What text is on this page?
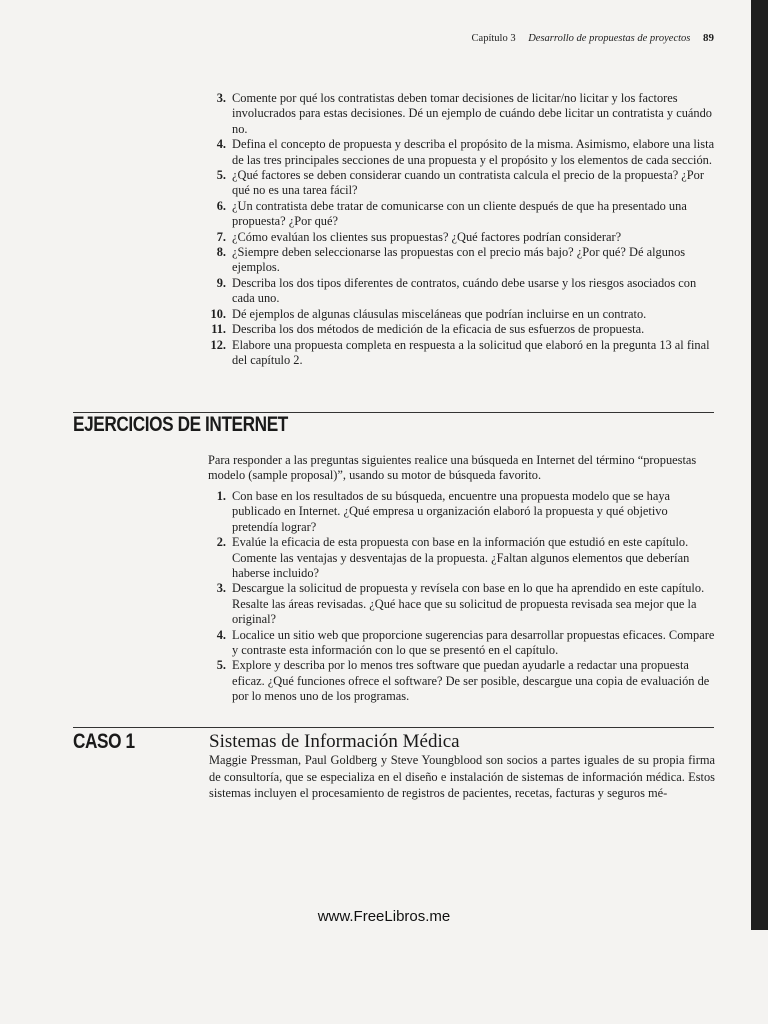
Capítulo 3 Desarrollo de propuestas de proyectos 89
3. Comente por qué los contratistas deben tomar decisiones de licitar/no licitar y los factores involucrados para estas decisiones. Dé un ejemplo de cuándo debe licitar un contratista y cuándo no.
4. Defina el concepto de propuesta y describa el propósito de la misma. Asimismo, elabore una lista de las tres principales secciones de una propuesta y el propósito y los elementos de cada sección.
5. ¿Qué factores se deben considerar cuando un contratista calcula el precio de la propuesta? ¿Por qué no es una tarea fácil?
6. ¿Un contratista debe tratar de comunicarse con un cliente después de que ha presentado una propuesta? ¿Por qué?
7. ¿Cómo evalúan los clientes sus propuestas? ¿Qué factores podrían considerar?
8. ¿Siempre deben seleccionarse las propuestas con el precio más bajo? ¿Por qué? Dé algunos ejemplos.
9. Describa los dos tipos diferentes de contratos, cuándo debe usarse y los riesgos asociados con cada uno.
10. Dé ejemplos de algunas cláusulas misceláneas que podrían incluirse en un contrato.
11. Describa los dos métodos de medición de la eficacia de sus esfuerzos de propuesta.
12. Elabore una propuesta completa en respuesta a la solicitud que elaboró en la pregunta 13 al final del capítulo 2.
EJERCICIOS DE INTERNET

Para responder a las preguntas siguientes realice una búsqueda en Internet del término “propuestas modelo (sample proposal)”, usando su motor de búsqueda favorito.

1. Con base en los resultados de su búsqueda, encuentre una propuesta modelo que se haya publicado en Internet. ¿Qué empresa u organización elaboró la propuesta y qué objetivo pretendía lograr?
2. Evalúe la eficacia de esta propuesta con base en la información que estudió en este capítulo. Comente las ventajas y desventajas de la propuesta. ¿Faltan algunos elementos que deberían haberse incluido?
3. Descargue la solicitud de propuesta y revísela con base en lo que ha aprendido en este capítulo. Resalte las áreas revisadas. ¿Qué hace que su solicitud de propuesta revisada sea mejor que la original?
4. Localice un sitio web que proporcione sugerencias para desarrollar propuestas eficaces. Compare y contraste esta información con lo que se presentó en el capítulo.
5. Explore y describa por lo menos tres software que puedan ayudarle a redactar una propuesta eficaz. ¿Qué funciones ofrece el software? De ser posible, descargue una copia de evaluación de por lo menos uno de los programas.
CASO 1	Sistemas de Información Médica

Maggie Pressman, Paul Goldberg y Steve Youngblood son socios a partes iguales de su propia firma de consultoría, que se especializa en el diseño e instalación de sistemas de información médica. Estos sistemas incluyen el procesamiento de registros de pacientes, recetas, facturas y seguros mé-

www.FreeLibros.me
